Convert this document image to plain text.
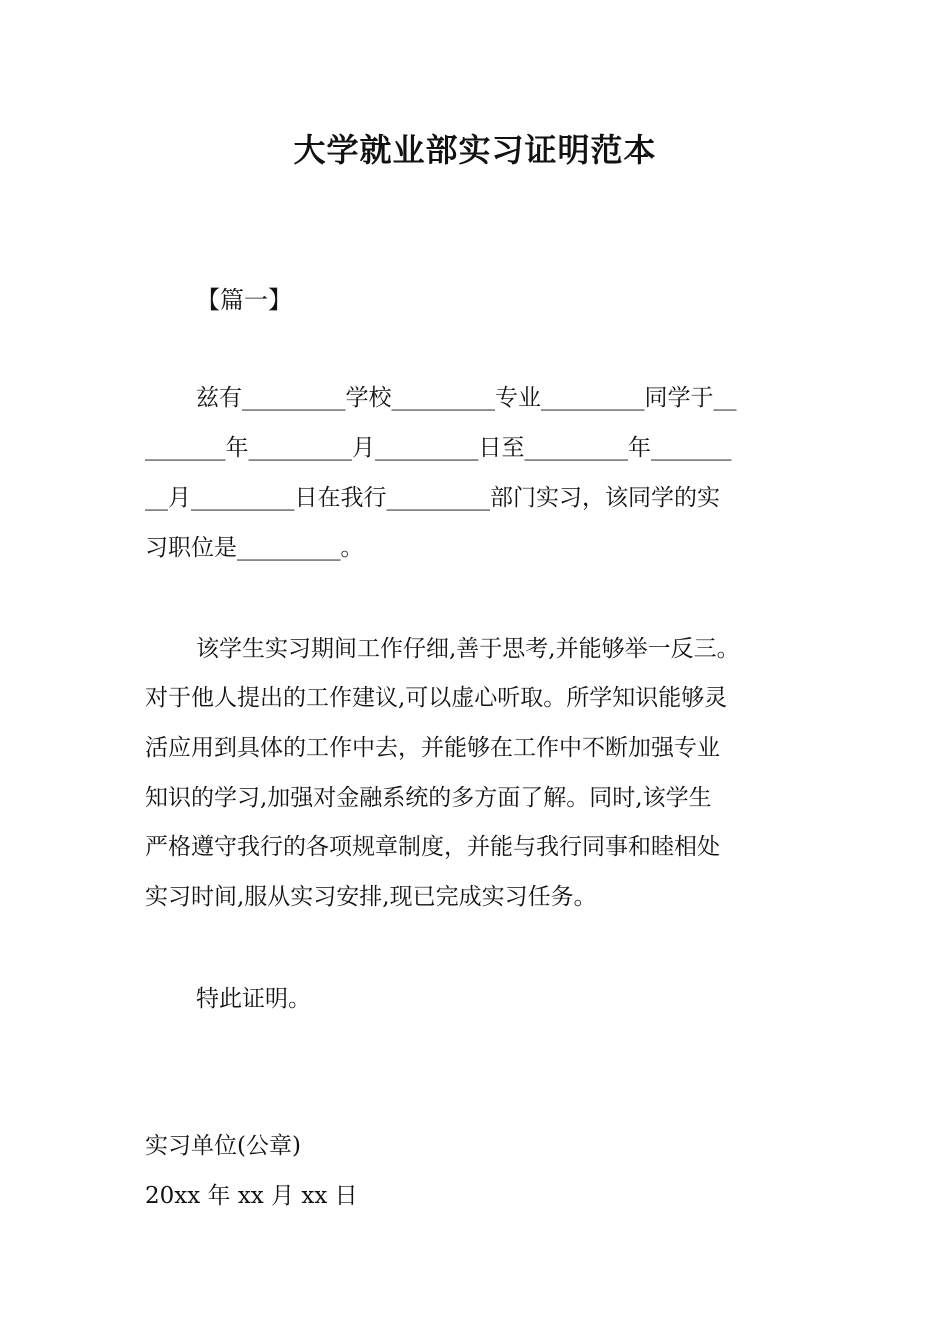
大学就业部实习证明范本
【篇一】
兹有_________学校_________专业_________同学于__
_______年_________月_________日至_________年_______
__月_________日在我行_________部门实习，该同学的实
习职位是_________。
该学生实习期间工作仔细,善于思考,并能够举一反三。
对于他人提出的工作建议,可以虚心听取。所学知识能够灵
活应用到具体的工作中去，并能够在工作中不断加强专业
知识的学习,加强对金融系统的多方面了解。同时,该学生
严格遵守我行的各项规章制度，并能与我行同事和睦相处
实习时间,服从实习安排,现已完成实习任务。
特此证明。
实习单位(公章)
20xx 年 xx 月 xx 日
